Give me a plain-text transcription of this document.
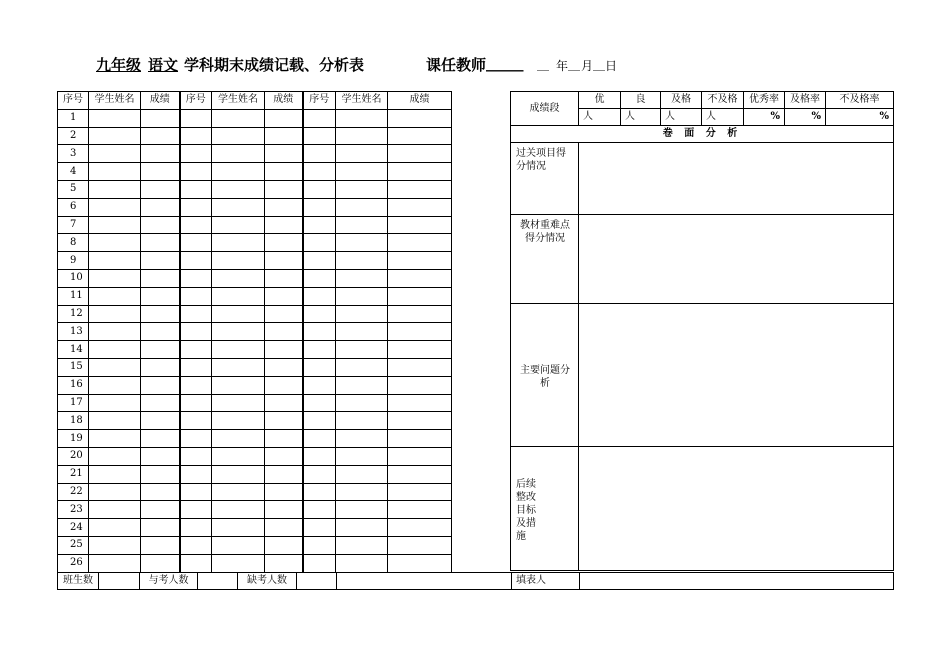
九年级 语文 学科期末成绩记载、分析表	课任教师 _____ __ 年 __ 月 __ 日
序号	学生姓名	成绩	序号	学生姓名	成绩	序号	学生姓名	成绩
1								
2								
3								
4								
5								
6								
7								
8								
9								
10								
11								
12								
13								
14								
15								
16								
17								
18								
19								
20								
21								
22								
23								
24								
25								
26								
成绩段	优	良	及格	不及格	优秀率	及格率	不及格率
	人	人	人	人	%	%	%
卷 面 分 析							
过关项目得分情况							
教材重难点得分情况							
主要问题分析							

后续整改目标及措施							

班生数		与考人数		缺考人数			填表人	
